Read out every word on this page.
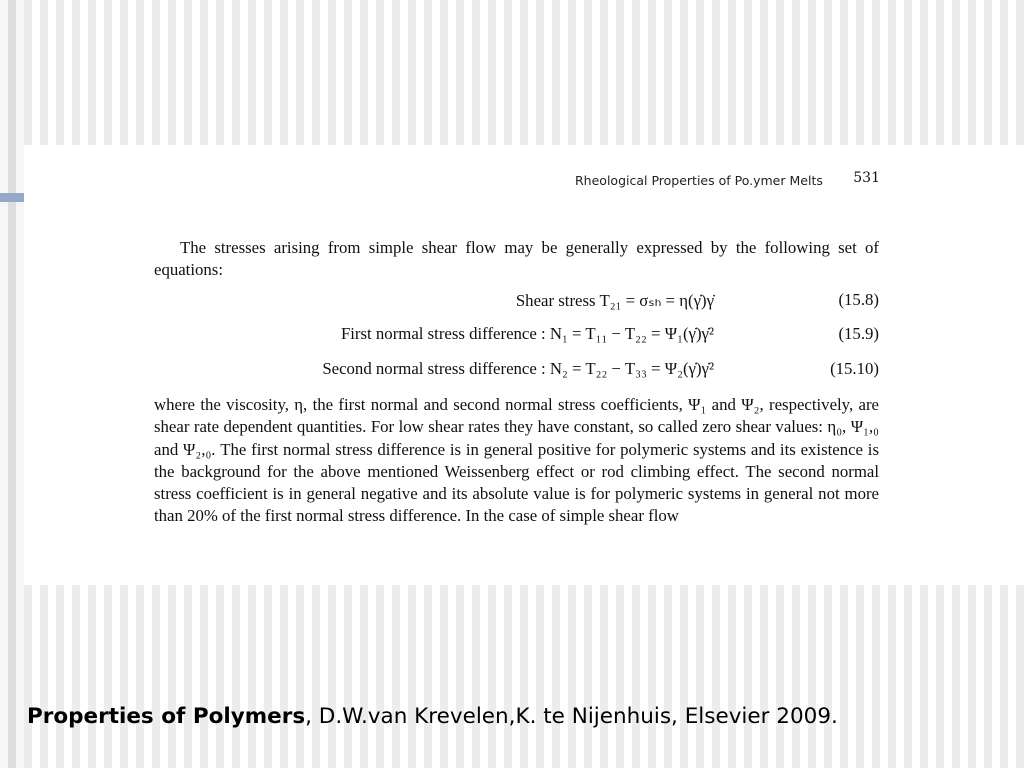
Rheological Properties of Po.ymer Melts	531

The stresses arising from simple shear flow may be generally expressed by the following set of equations:

Shear stress T₂₁ = σₛₕ = η(γ̇)γ̇	(15.8)
First normal stress difference : N₁ = T₁₁ − T₂₂ = Ψ₁(γ̇)γ̇²	(15.9)
Second normal stress difference : N₂ = T₂₂ − T₃₃ = Ψ₂(γ̇)γ̇²	(15.10)

where the viscosity, η, the first normal and second normal stress coefficients, Ψ₁ and Ψ₂, respectively, are shear rate dependent quantities. For low shear rates they have constant, so called zero shear values: η₀, Ψ₁,₀ and Ψ₂,₀. The first normal stress difference is in general positive for polymeric systems and its existence is the background for the above mentioned Weissenberg effect or rod climbing effect. The second normal stress coefficient is in general negative and its absolute value is for polymeric systems in general not more than 20% of the first normal stress difference. In the case of simple shear flow

Properties of Polymers, D.W.van Krevelen,K. te Nijenhuis, Elsevier 2009.
